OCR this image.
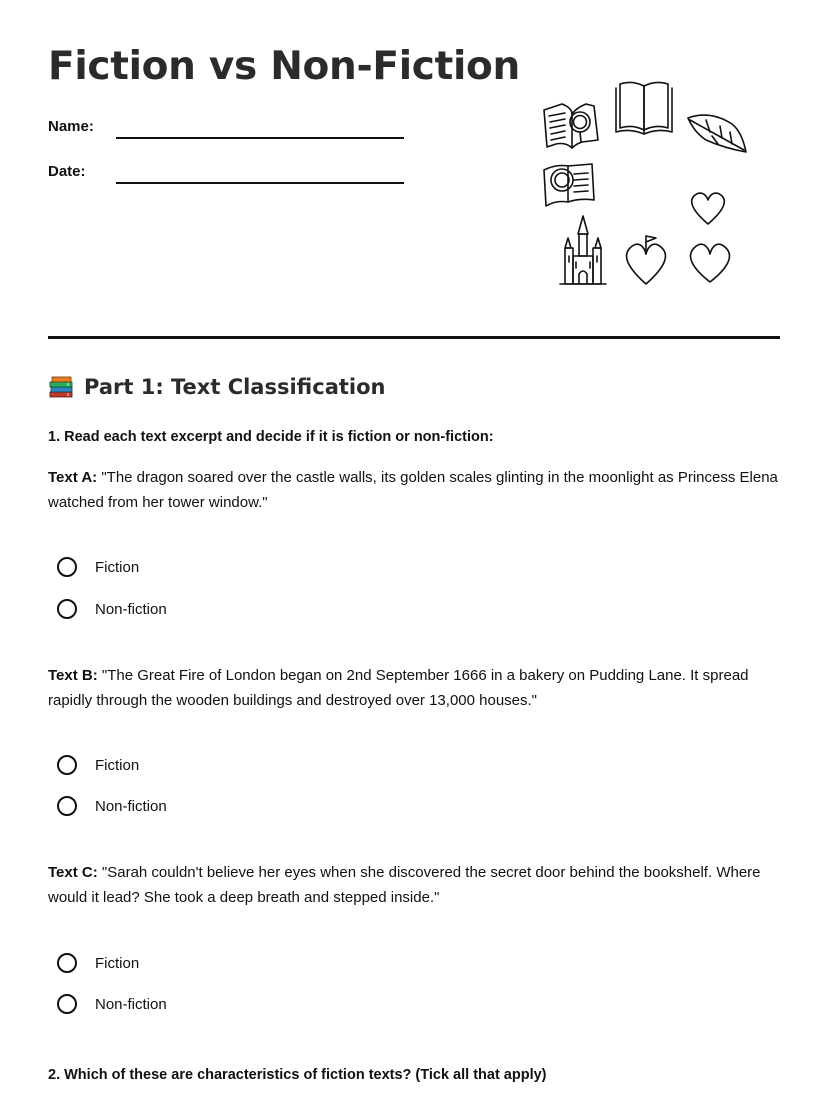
Fiction vs Non-Fiction
Name:
Date:
Part 1: Text Classification
1. Read each text excerpt and decide if it is fiction or non-fiction:

Text A: "The dragon soared over the castle walls, its golden scales glinting in the moonlight as Princess Elena watched from her tower window."

Fiction
Non-fiction

Text B: "The Great Fire of London began on 2nd September 1666 in a bakery on Pudding Lane. It spread rapidly through the wooden buildings and destroyed over 13,000 houses."

Fiction
Non-fiction

Text C: "Sarah couldn't believe her eyes when she discovered the secret door behind the bookshelf. Where would it lead? She took a deep breath and stepped inside."

Fiction
Non-fiction
2. Which of these are characteristics of fiction texts? (Tick all that apply)
